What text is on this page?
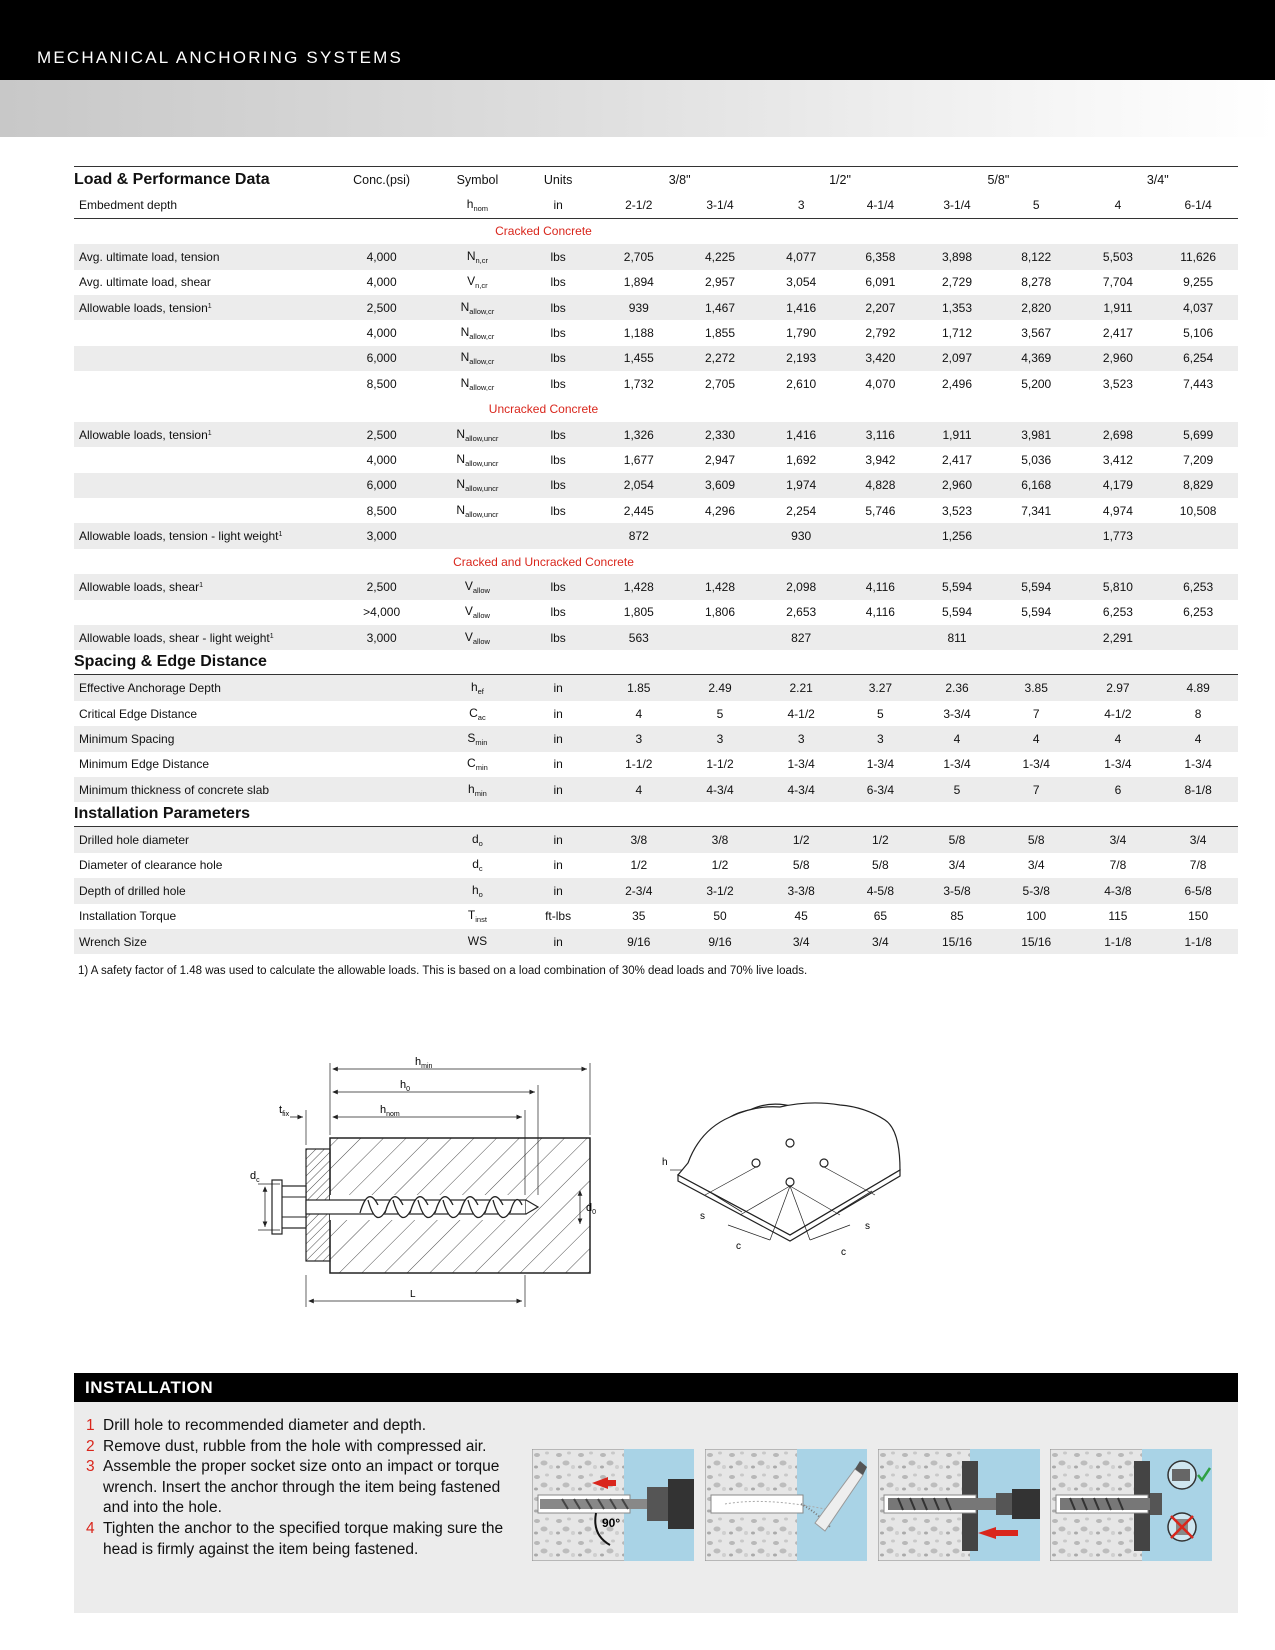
MECHANICAL ANCHORING SYSTEMS
Load & Performance Data	Conc.(psi)	Symbol	Units	3/8"		1/2"		5/8"		3/4"	
Embedment depth		$h_{nom}$	in	2-1/2	3-1/4	3	4-1/4	3-1/4	5	4	6-1/4
	Cracked Concrete										
Avg. ultimate load, tension	4,000	$N_{n,cr}$	lbs	2,705	4,225	4,077	6,358	3,898	8,122	5,503	11,626
Avg. ultimate load, shear	4,000	$V_{n,cr}$	lbs	1,894	2,957	3,054	6,091	2,729	8,278	7,704	9,255
Allowable loads, tension$^1$	2,500	$N_{allow,cr}$	lbs	939	1,467	1,416	2,207	1,353	2,820	1,911	4,037
	4,000	$N_{allow,cr}$	lbs	1,188	1,855	1,790	2,792	1,712	3,567	2,417	5,106
	6,000	$N_{allow,cr}$	lbs	1,455	2,272	2,193	3,420	2,097	4,369	2,960	6,254
	8,500	$N_{allow,cr}$	lbs	1,732	2,705	2,610	4,070	2,496	5,200	3,523	7,443
	Uncracked Concrete										
Allowable loads, tension$^1$	2,500	$N_{allow,uncr}$	lbs	1,326	2,330	1,416	3,116	1,911	3,981	2,698	5,699
	4,000	$N_{allow,uncr}$	lbs	1,677	2,947	1,692	3,942	2,417	5,036	3,412	7,209
	6,000	$N_{allow,uncr}$	lbs	2,054	3,609	1,974	4,828	2,960	6,168	4,179	8,829
	8,500	$N_{allow,uncr}$	lbs	2,445	4,296	2,254	5,746	3,523	7,341	4,974	10,508
Allowable loads, tension - light weight$^1$	3,000			872		930		1,256		1,773	
	Cracked and Uncracked Concrete										
Allowable loads, shear$^1$	2,500	$V_{allow}$	lbs	1,428	1,428	2,098	4,116	5,594	5,594	5,810	6,253
	>4,000	$V_{allow}$	lbs	1,805	1,806	2,653	4,116	5,594	5,594	6,253	6,253
Allowable loads, shear - light weight$^1$	3,000	$V_{allow}$	lbs	563		827		811		2,291	
Spacing & Edge Distance											
Effective Anchorage Depth		$h_{ef}$	in	1.85	2.49	2.21	3.27	2.36	3.85	2.97	4.89
Critical Edge Distance		$C_{ac}$	in	4	5	4-1/2	5	3-3/4	7	4-1/2	8
Minimum Spacing		$S_{min}$	in	3	3	3	3	4	4	4	4
Minimum Edge Distance		$C_{min}$	in	1-1/2	1-1/2	1-3/4	1-3/4	1-3/4	1-3/4	1-3/4	1-3/4
Minimum thickness of concrete slab		$h_{min}$	in	4	4-3/4	4-3/4	6-3/4	5	7	6	8-1/8
Installation Parameters											
Drilled hole diameter		$d_o$	in	3/8	3/8	1/2	1/2	5/8	5/8	3/4	3/4
Diameter of clearance hole		$d_c$	in	1/2	1/2	5/8	5/8	3/4	3/4	7/8	7/8
Depth of drilled hole		$h_o$	in	2-3/4	3-1/2	3-3/8	4-5/8	3-5/8	5-3/8	4-3/8	6-5/8
Installation Torque		$T_{inst}$	ft-lbs	35	50	45	65	85	100	115	150
Wrench Size		WS	in	9/16	9/16	3/4	3/4	15/16	15/16	1-1/8	1-1/8
1) A safety factor of 1.48 was used to calculate the allowable loads. This is based on a load combination of 30% dead loads and 70% live loads.
$h_{min}$
$h_0$
$h_{nom}$
$t_{fix}$
$d_c$
$d_0$
L
h
s
s
c
c
INSTALLATION
1 Drill hole to recommended diameter and depth.
2 Remove dust, rubble from the hole with compressed air.
3 Assemble the proper socket size onto an impact or torque wrench. Insert the anchor through the item being fastened and into the hole.
4 Tighten the anchor to the specified torque making sure the head is firmly against the item being fastened.
90°
